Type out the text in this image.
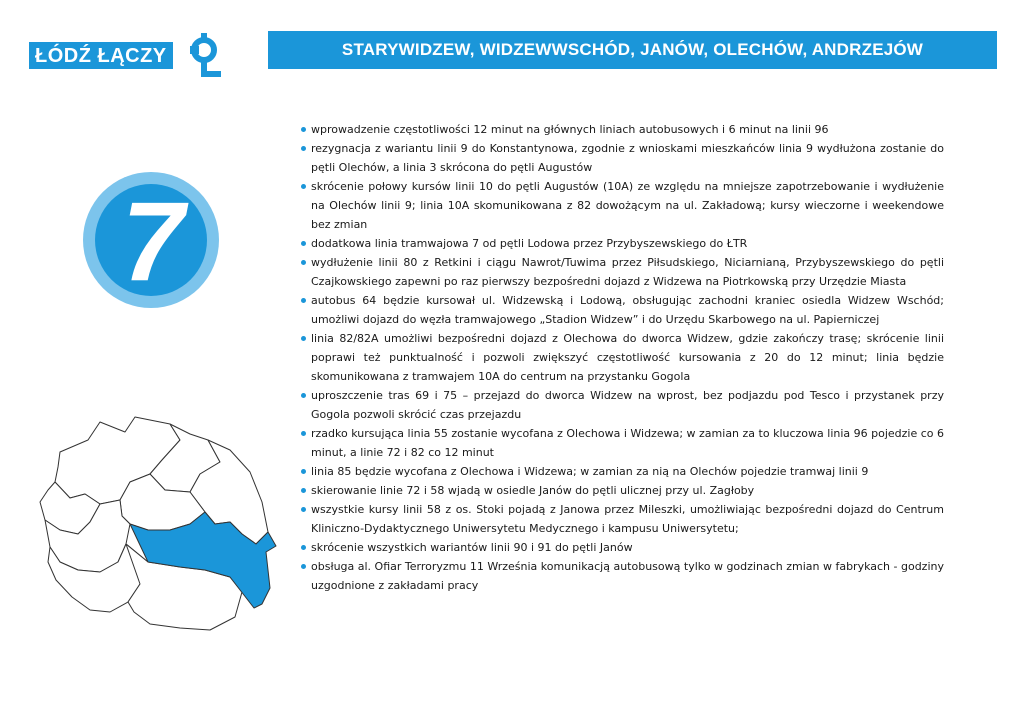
ŁÓDŹ ŁĄCZY	STARYWIDZEW, WIDZEWWSCHÓD, JANÓW, OLECHÓW, ANDRZEJÓW
7
wprowadzenie częstotliwości 12 minut na głównych liniach autobusowych i 6 minut na linii 96
rezygnacja z wariantu linii 9 do Konstantynowa, zgodnie z wnioskami mieszkańców linia 9 wydłużona zostanie do pętli Olechów, a linia 3 skrócona do pętli Augustów
skrócenie połowy kursów linii 10 do pętli Augustów (10A) ze względu na mniejsze zapotrzebowanie i wydłużenie na Olechów linii 9; linia 10A skomunikowana z 82 dowożącym na ul. Zakładową; kursy wieczorne i weekendowe bez zmian
dodatkowa linia tramwajowa 7 od pętli Lodowa przez Przybyszewskiego do ŁTR
wydłużenie linii 80 z Retkini i ciągu Nawrot/Tuwima przez Piłsudskiego, Niciarnianą, Przybyszewskiego do pętli Czajkowskiego zapewni po raz pierwszy bezpośredni dojazd z Widzewa na Piotrkowską przy Urzędzie Miasta
autobus 64 będzie kursował ul. Widzewską i Lodową, obsługując zachodni kraniec osiedla Widzew Wschód; umożliwi dojazd do węzła tramwajowego „Stadion Widzew” i do Urzędu Skarbowego na ul. Papierniczej
linia 82/82A umożliwi bezpośredni dojazd z Olechowa do dworca Widzew, gdzie zakończy trasę; skrócenie linii poprawi też punktualność i pozwoli zwiększyć częstotliwość kursowania z 20 do 12 minut; linia będzie skomunikowana z tramwajem 10A do centrum na przystanku Gogola
uproszczenie tras 69 i 75 – przejazd do dworca Widzew na wprost, bez podjazdu pod Tesco i przystanek przy Gogola pozwoli skrócić czas przejazdu
rzadko kursująca linia 55 zostanie wycofana z Olechowa i Widzewa; w zamian za to kluczowa linia 96 pojedzie co 6 minut, a linie 72 i 82 co 12 minut
linia 85 będzie wycofana z Olechowa i Widzewa; w zamian za nią na Olechów pojedzie tramwaj linii 9
skierowanie linie 72 i 58 wjadą w osiedle Janów do pętli ulicznej przy ul. Zagłoby
wszystkie kursy linii 58 z os. Stoki pojadą z Janowa przez Mileszki, umożliwiając bezpośredni dojazd do Centrum Kliniczno-Dydaktycznego Uniwersytetu Medycznego i kampusu Uniwersytetu;
skrócenie wszystkich wariantów linii 90 i 91 do pętli Janów
obsługa al. Ofiar Terroryzmu 11 Września komunikacją autobusową tylko w godzinach zmian w fabrykach - godziny uzgodnione z zakładami pracy
